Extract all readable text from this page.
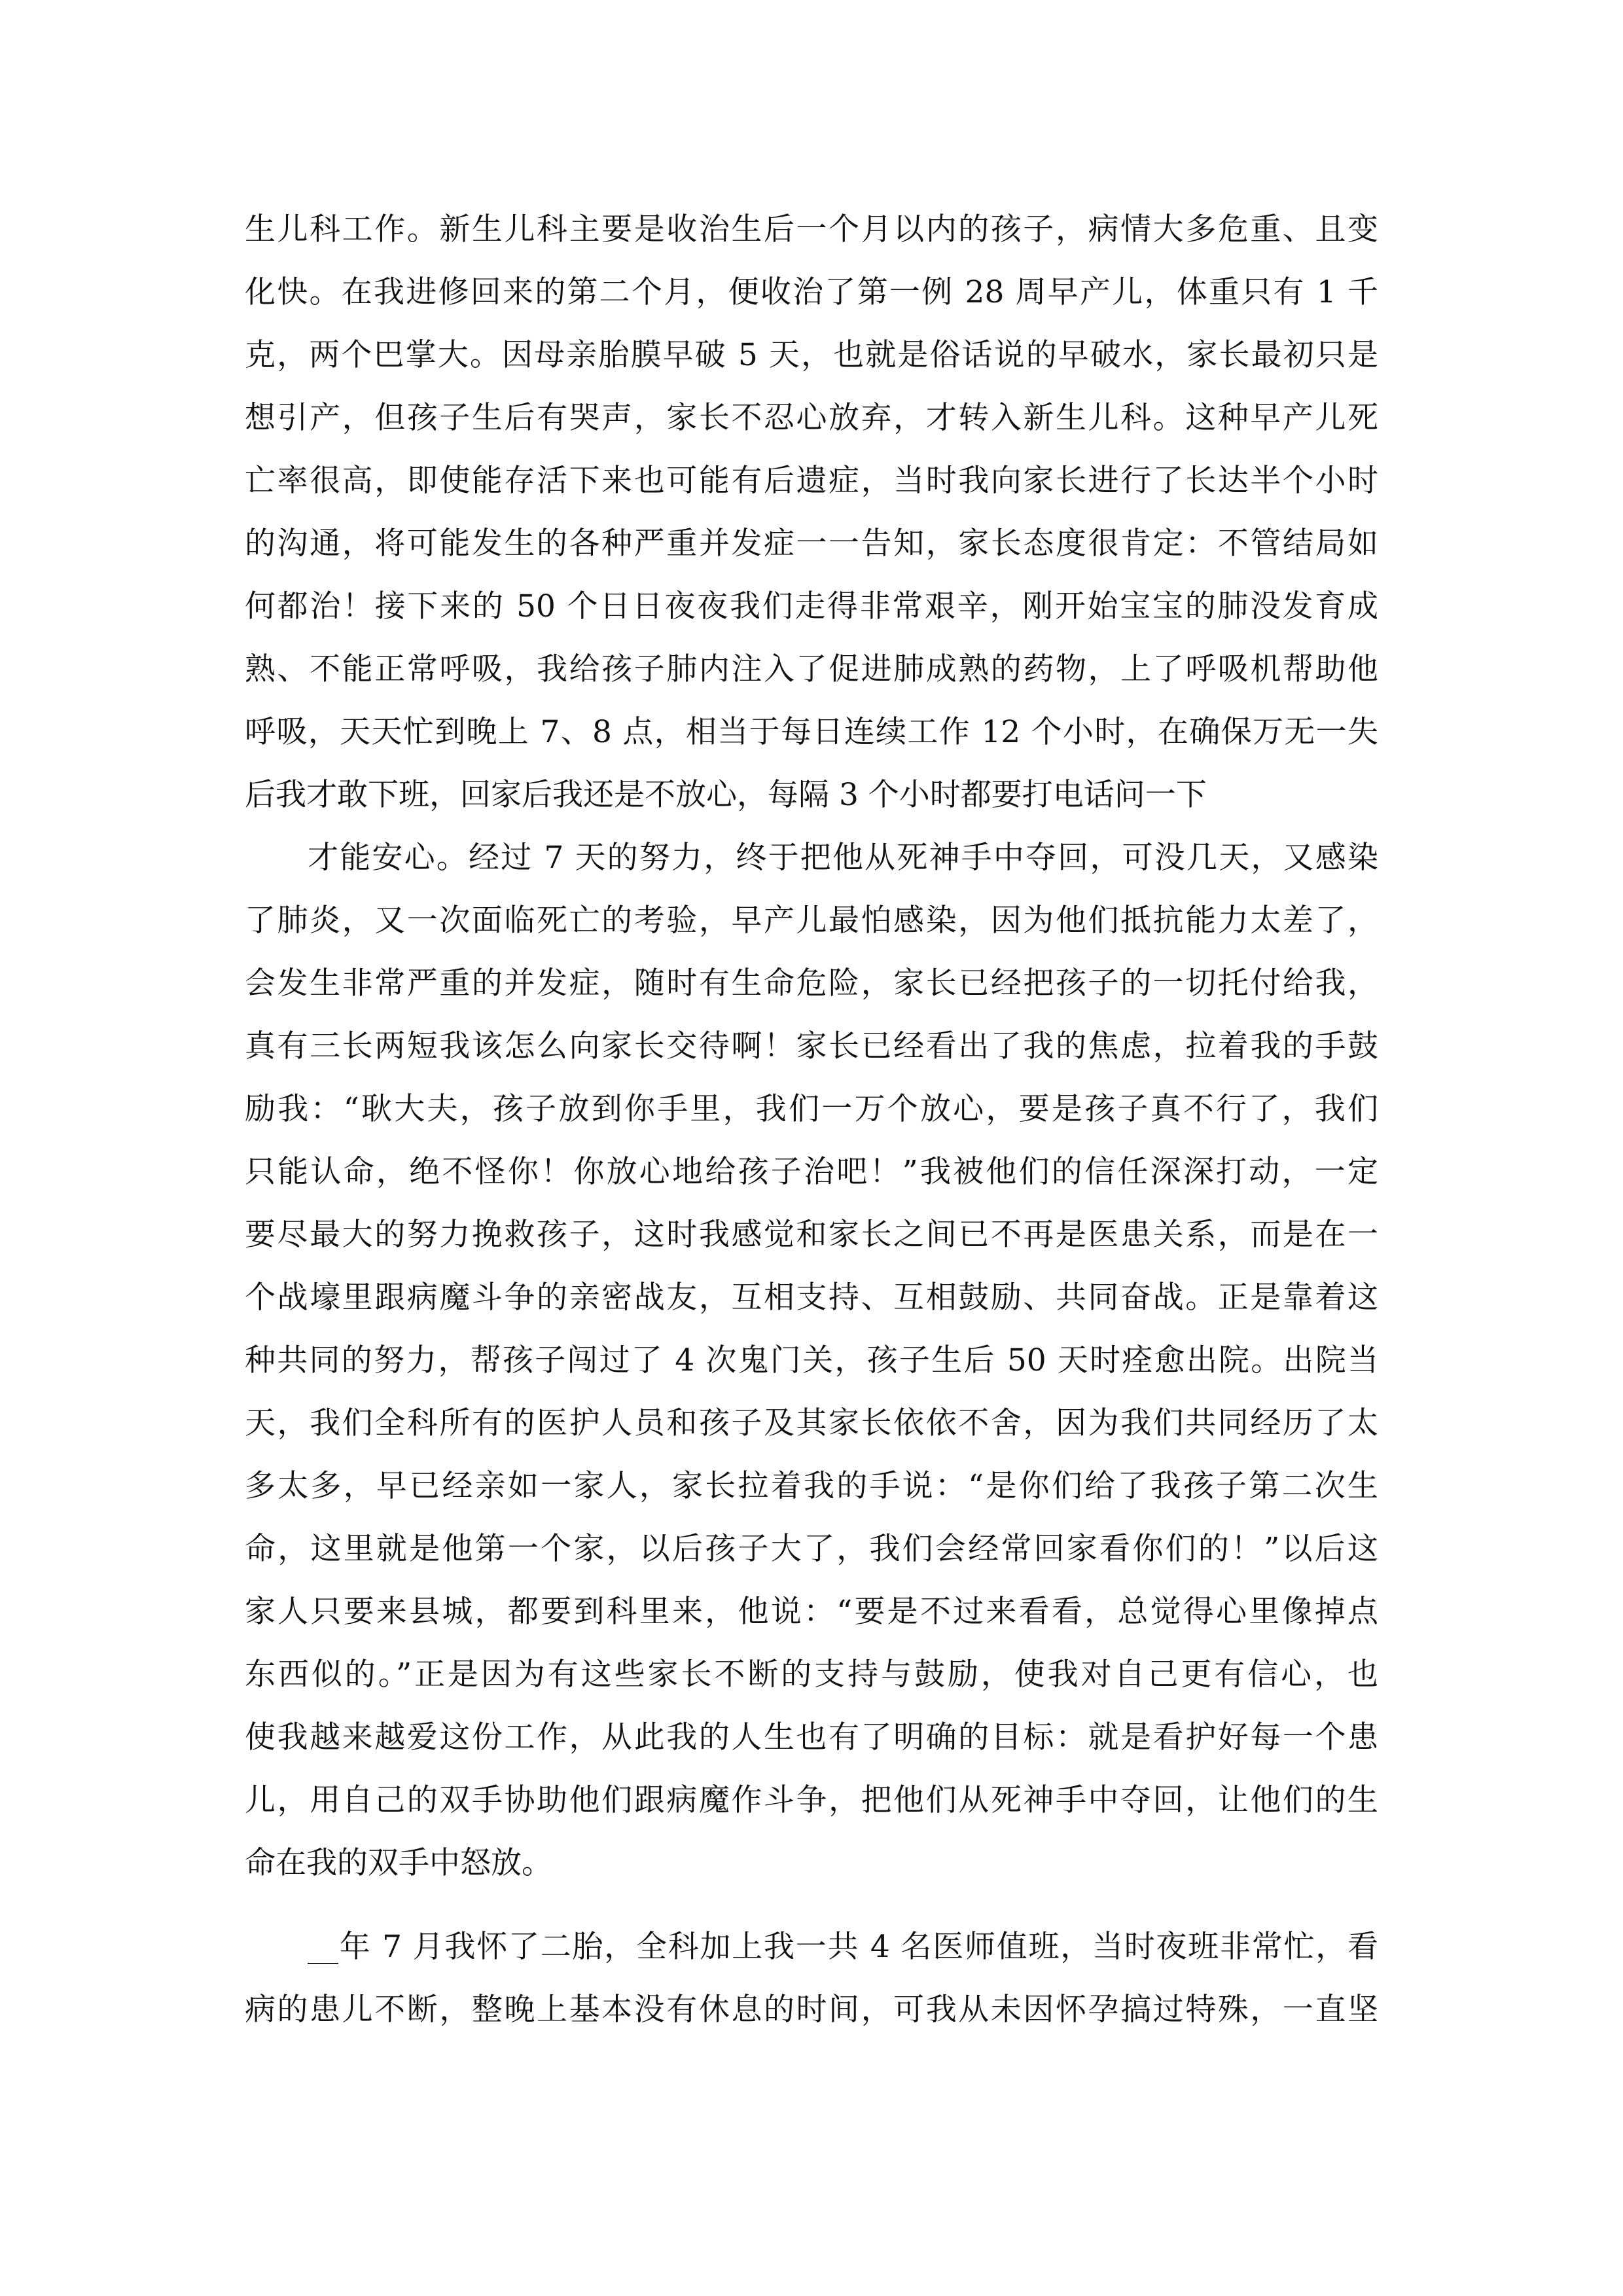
生儿科工作。新生儿科主要是收治生后一个月以内的孩子，病情大多危重、且变

化快。在我进修回来的第二个月，便收治了第一例 28 周早产儿，体重只有 1 千

克，两个巴掌大。因母亲胎膜早破 5 天，也就是俗话说的早破水，家长最初只是

想引产，但孩子生后有哭声，家长不忍心放弃，才转入新生儿科。这种早产儿死

亡率很高，即使能存活下来也可能有后遗症，当时我向家长进行了长达半个小时

的沟通，将可能发生的各种严重并发症一一告知，家长态度很肯定：不管结局如

何都治！接下来的 50 个日日夜夜我们走得非常艰辛，刚开始宝宝的肺没发育成

熟、不能正常呼吸，我给孩子肺内注入了促进肺成熟的药物，上了呼吸机帮助他

呼吸，天天忙到晚上 7、8 点，相当于每日连续工作 12 个小时，在确保万无一失

后我才敢下班，回家后我还是不放心，每隔 3 个小时都要打电话问一下

才能安心。经过 7 天的努力，终于把他从死神手中夺回，可没几天，又感染

了肺炎，又一次面临死亡的考验，早产儿最怕感染，因为他们抵抗能力太差了，

会发生非常严重的并发症，随时有生命危险，家长已经把孩子的一切托付给我，

真有三长两短我该怎么向家长交待啊！家长已经看出了我的焦虑，拉着我的手鼓

励我：“耿大夫，孩子放到你手里，我们一万个放心，要是孩子真不行了，我们

只能认命，绝不怪你！你放心地给孩子治吧！”我被他们的信任深深打动，一定

要尽最大的努力挽救孩子，这时我感觉和家长之间已不再是医患关系，而是在一

个战壕里跟病魔斗争的亲密战友，互相支持、互相鼓励、共同奋战。正是靠着这

种共同的努力，帮孩子闯过了 4 次鬼门关，孩子生后 50 天时痊愈出院。出院当

天，我们全科所有的医护人员和孩子及其家长依依不舍，因为我们共同经历了太

多太多，早已经亲如一家人，家长拉着我的手说：“是你们给了我孩子第二次生

命，这里就是他第一个家，以后孩子大了，我们会经常回家看你们的！”以后这

家人只要来县城，都要到科里来，他说：“要是不过来看看，总觉得心里像掉点

东西似的。”正是因为有这些家长不断的支持与鼓励，使我对自己更有信心，也

使我越来越爱这份工作，从此我的人生也有了明确的目标：就是看护好每一个患

儿，用自己的双手协助他们跟病魔作斗争，把他们从死神手中夺回，让他们的生

命在我的双手中怒放。

__年 7 月我怀了二胎，全科加上我一共 4 名医师值班，当时夜班非常忙，看

病的患儿不断，整晚上基本没有休息的时间，可我从未因怀孕搞过特殊，一直坚
